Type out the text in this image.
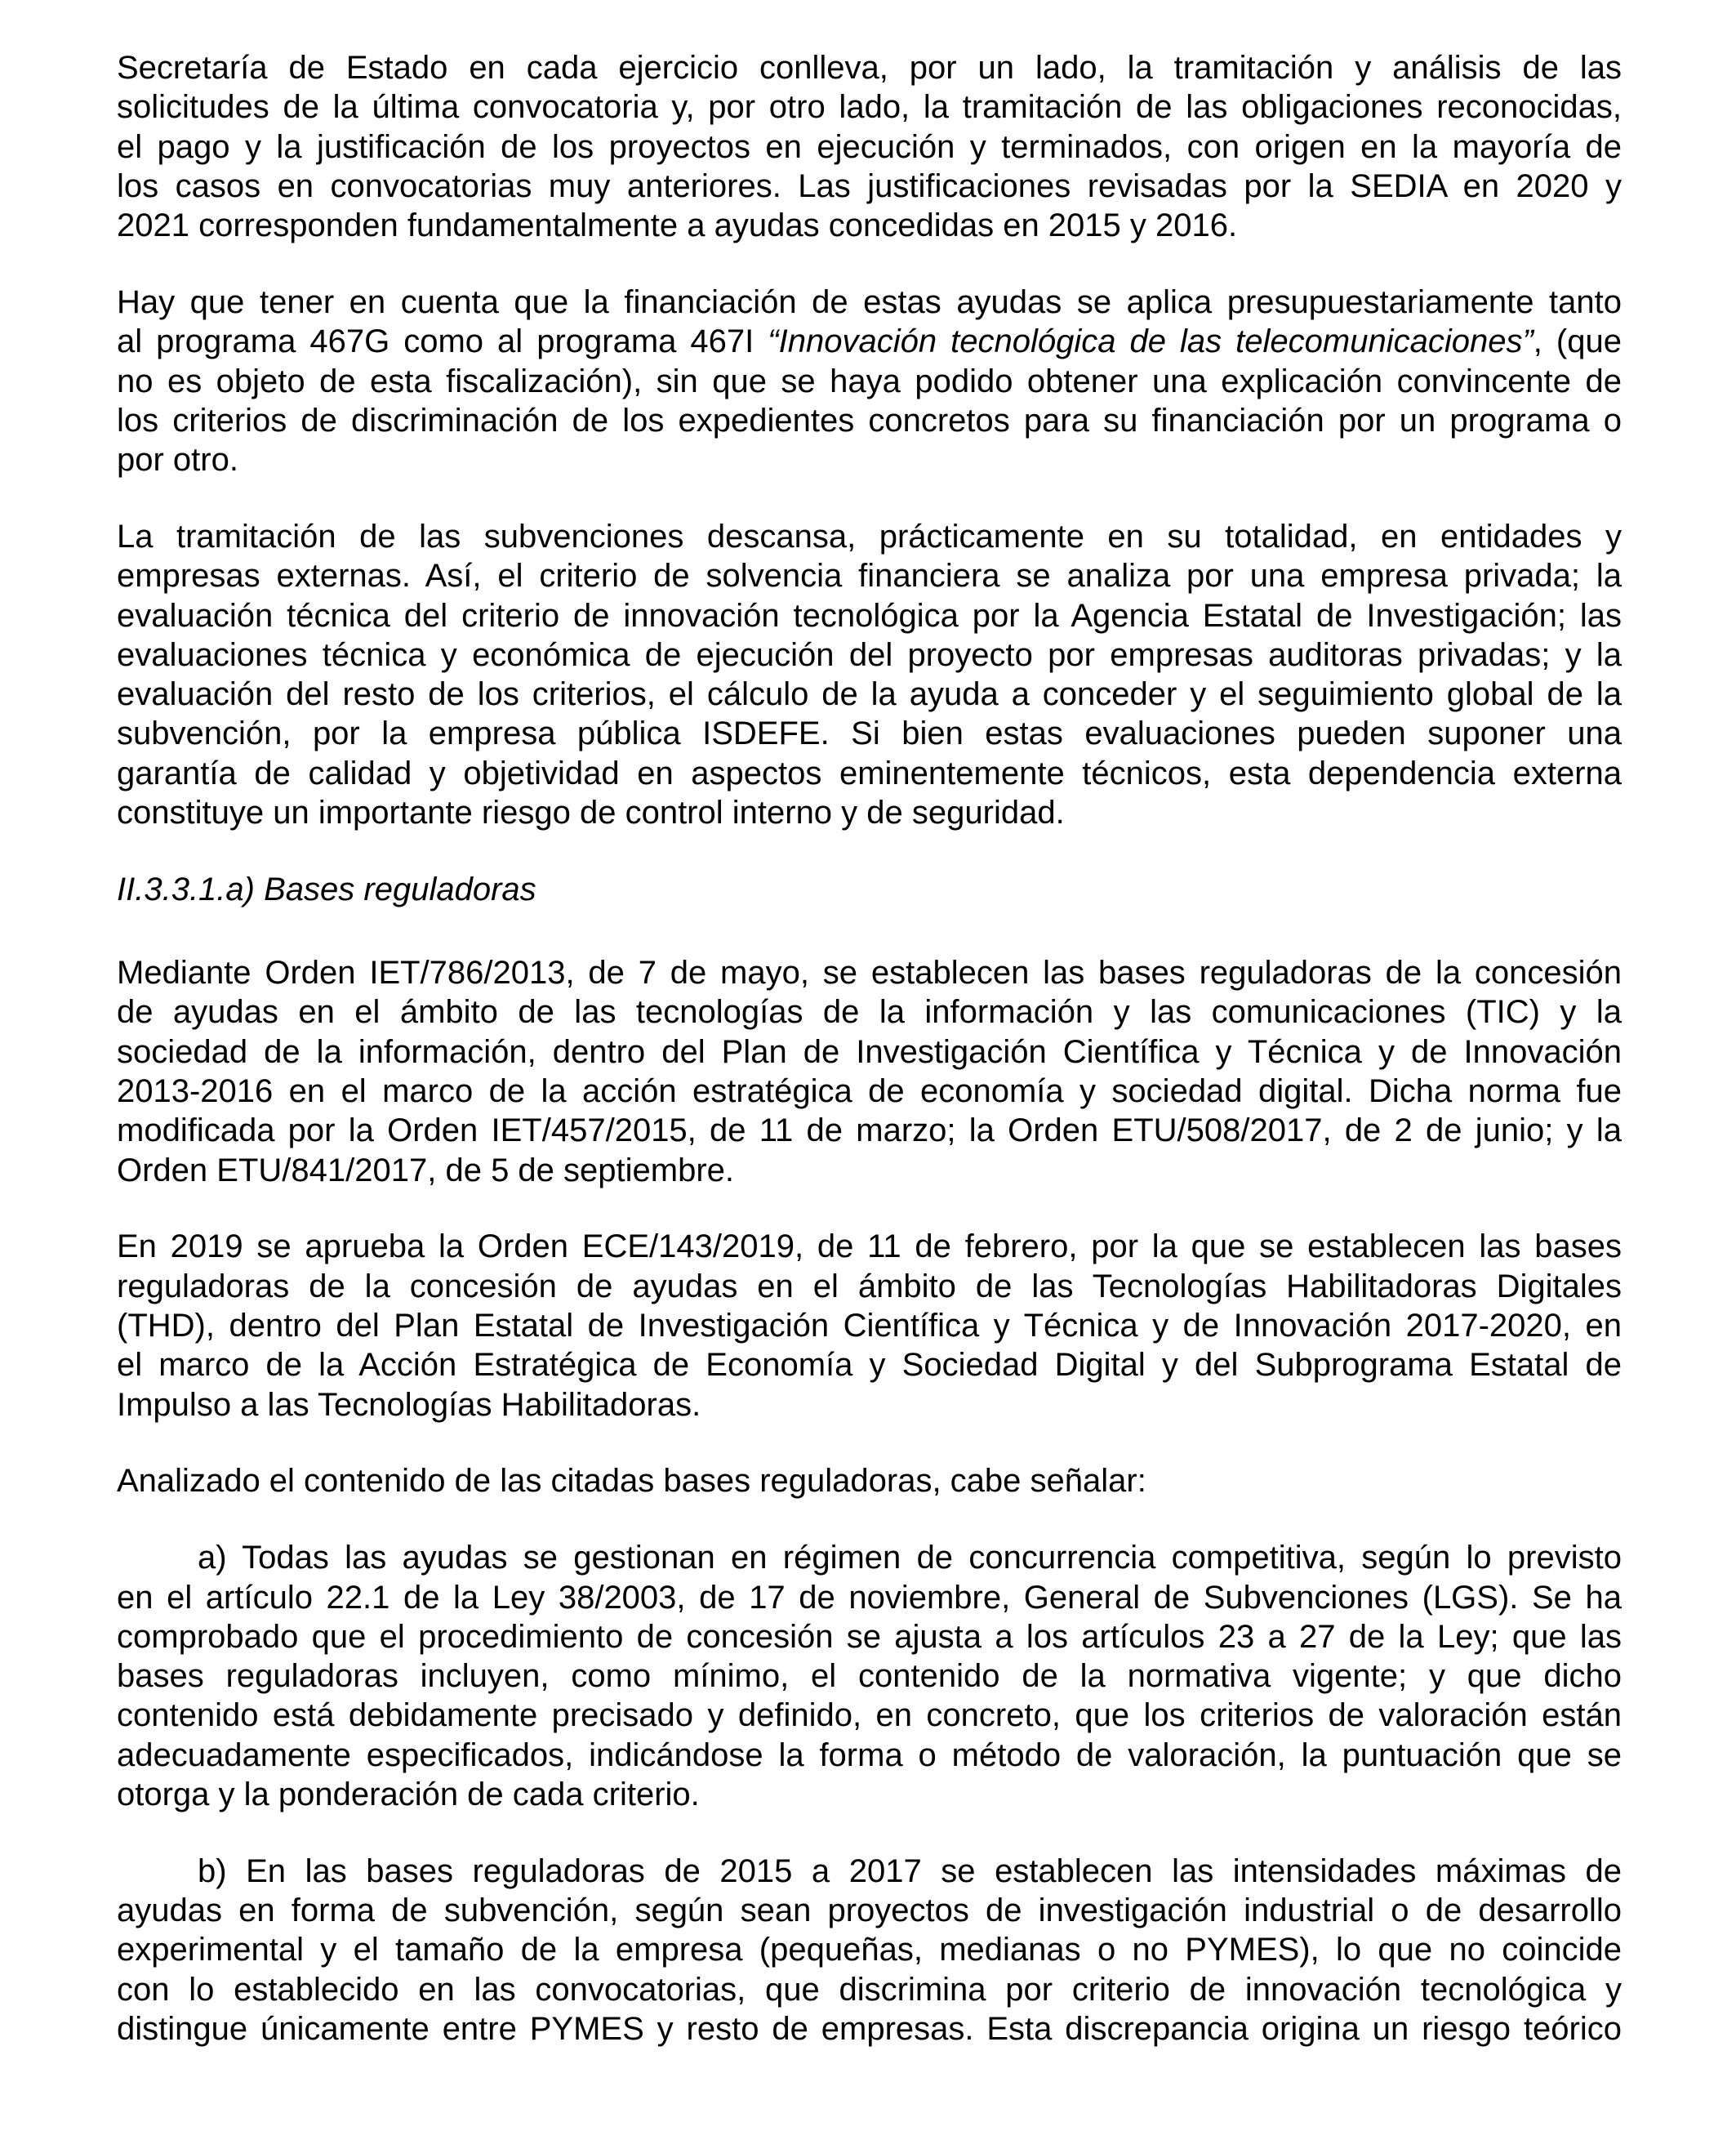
Secretaría de Estado en cada ejercicio conlleva, por un lado, la tramitación y análisis de las
solicitudes de la última convocatoria y, por otro lado, la tramitación de las obligaciones reconocidas,
el pago y la justificación de los proyectos en ejecución y terminados, con origen en la mayoría de
los casos en convocatorias muy anteriores. Las justificaciones revisadas por la SEDIA en 2020 y
2021 corresponden fundamentalmente a ayudas concedidas en 2015 y 2016.
Hay que tener en cuenta que la financiación de estas ayudas se aplica presupuestariamente tanto
al programa 467G como al programa 467I “Innovación tecnológica de las telecomunicaciones”, (que
no es objeto de esta fiscalización), sin que se haya podido obtener una explicación convincente de
los criterios de discriminación de los expedientes concretos para su financiación por un programa o
por otro.
La tramitación de las subvenciones descansa, prácticamente en su totalidad, en entidades y
empresas externas. Así, el criterio de solvencia financiera se analiza por una empresa privada; la
evaluación técnica del criterio de innovación tecnológica por la Agencia Estatal de Investigación; las
evaluaciones técnica y económica de ejecución del proyecto por empresas auditoras privadas; y la
evaluación del resto de los criterios, el cálculo de la ayuda a conceder y el seguimiento global de la
subvención, por la empresa pública ISDEFE. Si bien estas evaluaciones pueden suponer una
garantía de calidad y objetividad en aspectos eminentemente técnicos, esta dependencia externa
constituye un importante riesgo de control interno y de seguridad.
II.3.3.1.a) Bases reguladoras
Mediante Orden IET/786/2013, de 7 de mayo, se establecen las bases reguladoras de la concesión
de ayudas en el ámbito de las tecnologías de la información y las comunicaciones (TIC) y la
sociedad de la información, dentro del Plan de Investigación Científica y Técnica y de Innovación
2013-2016 en el marco de la acción estratégica de economía y sociedad digital. Dicha norma fue
modificada por la Orden IET/457/2015, de 11 de marzo; la Orden ETU/508/2017, de 2 de junio; y la
Orden ETU/841/2017, de 5 de septiembre.
En 2019 se aprueba la Orden ECE/143/2019, de 11 de febrero, por la que se establecen las bases
reguladoras de la concesión de ayudas en el ámbito de las Tecnologías Habilitadoras Digitales
(THD), dentro del Plan Estatal de Investigación Científica y Técnica y de Innovación 2017-2020, en
el marco de la Acción Estratégica de Economía y Sociedad Digital y del Subprograma Estatal de
Impulso a las Tecnologías Habilitadoras.
Analizado el contenido de las citadas bases reguladoras, cabe señalar:
a) Todas las ayudas se gestionan en régimen de concurrencia competitiva, según lo previsto
en el artículo 22.1 de la Ley 38/2003, de 17 de noviembre, General de Subvenciones (LGS). Se ha
comprobado que el procedimiento de concesión se ajusta a los artículos 23 a 27 de la Ley; que las
bases reguladoras incluyen, como mínimo, el contenido de la normativa vigente; y que dicho
contenido está debidamente precisado y definido, en concreto, que los criterios de valoración están
adecuadamente especificados, indicándose la forma o método de valoración, la puntuación que se
otorga y la ponderación de cada criterio.
b) En las bases reguladoras de 2015 a 2017 se establecen las intensidades máximas de
ayudas en forma de subvención, según sean proyectos de investigación industrial o de desarrollo
experimental y el tamaño de la empresa (pequeñas, medianas o no PYMES), lo que no coincide
con lo establecido en las convocatorias, que discrimina por criterio de innovación tecnológica y
distingue únicamente entre PYMES y resto de empresas. Esta discrepancia origina un riesgo teórico
